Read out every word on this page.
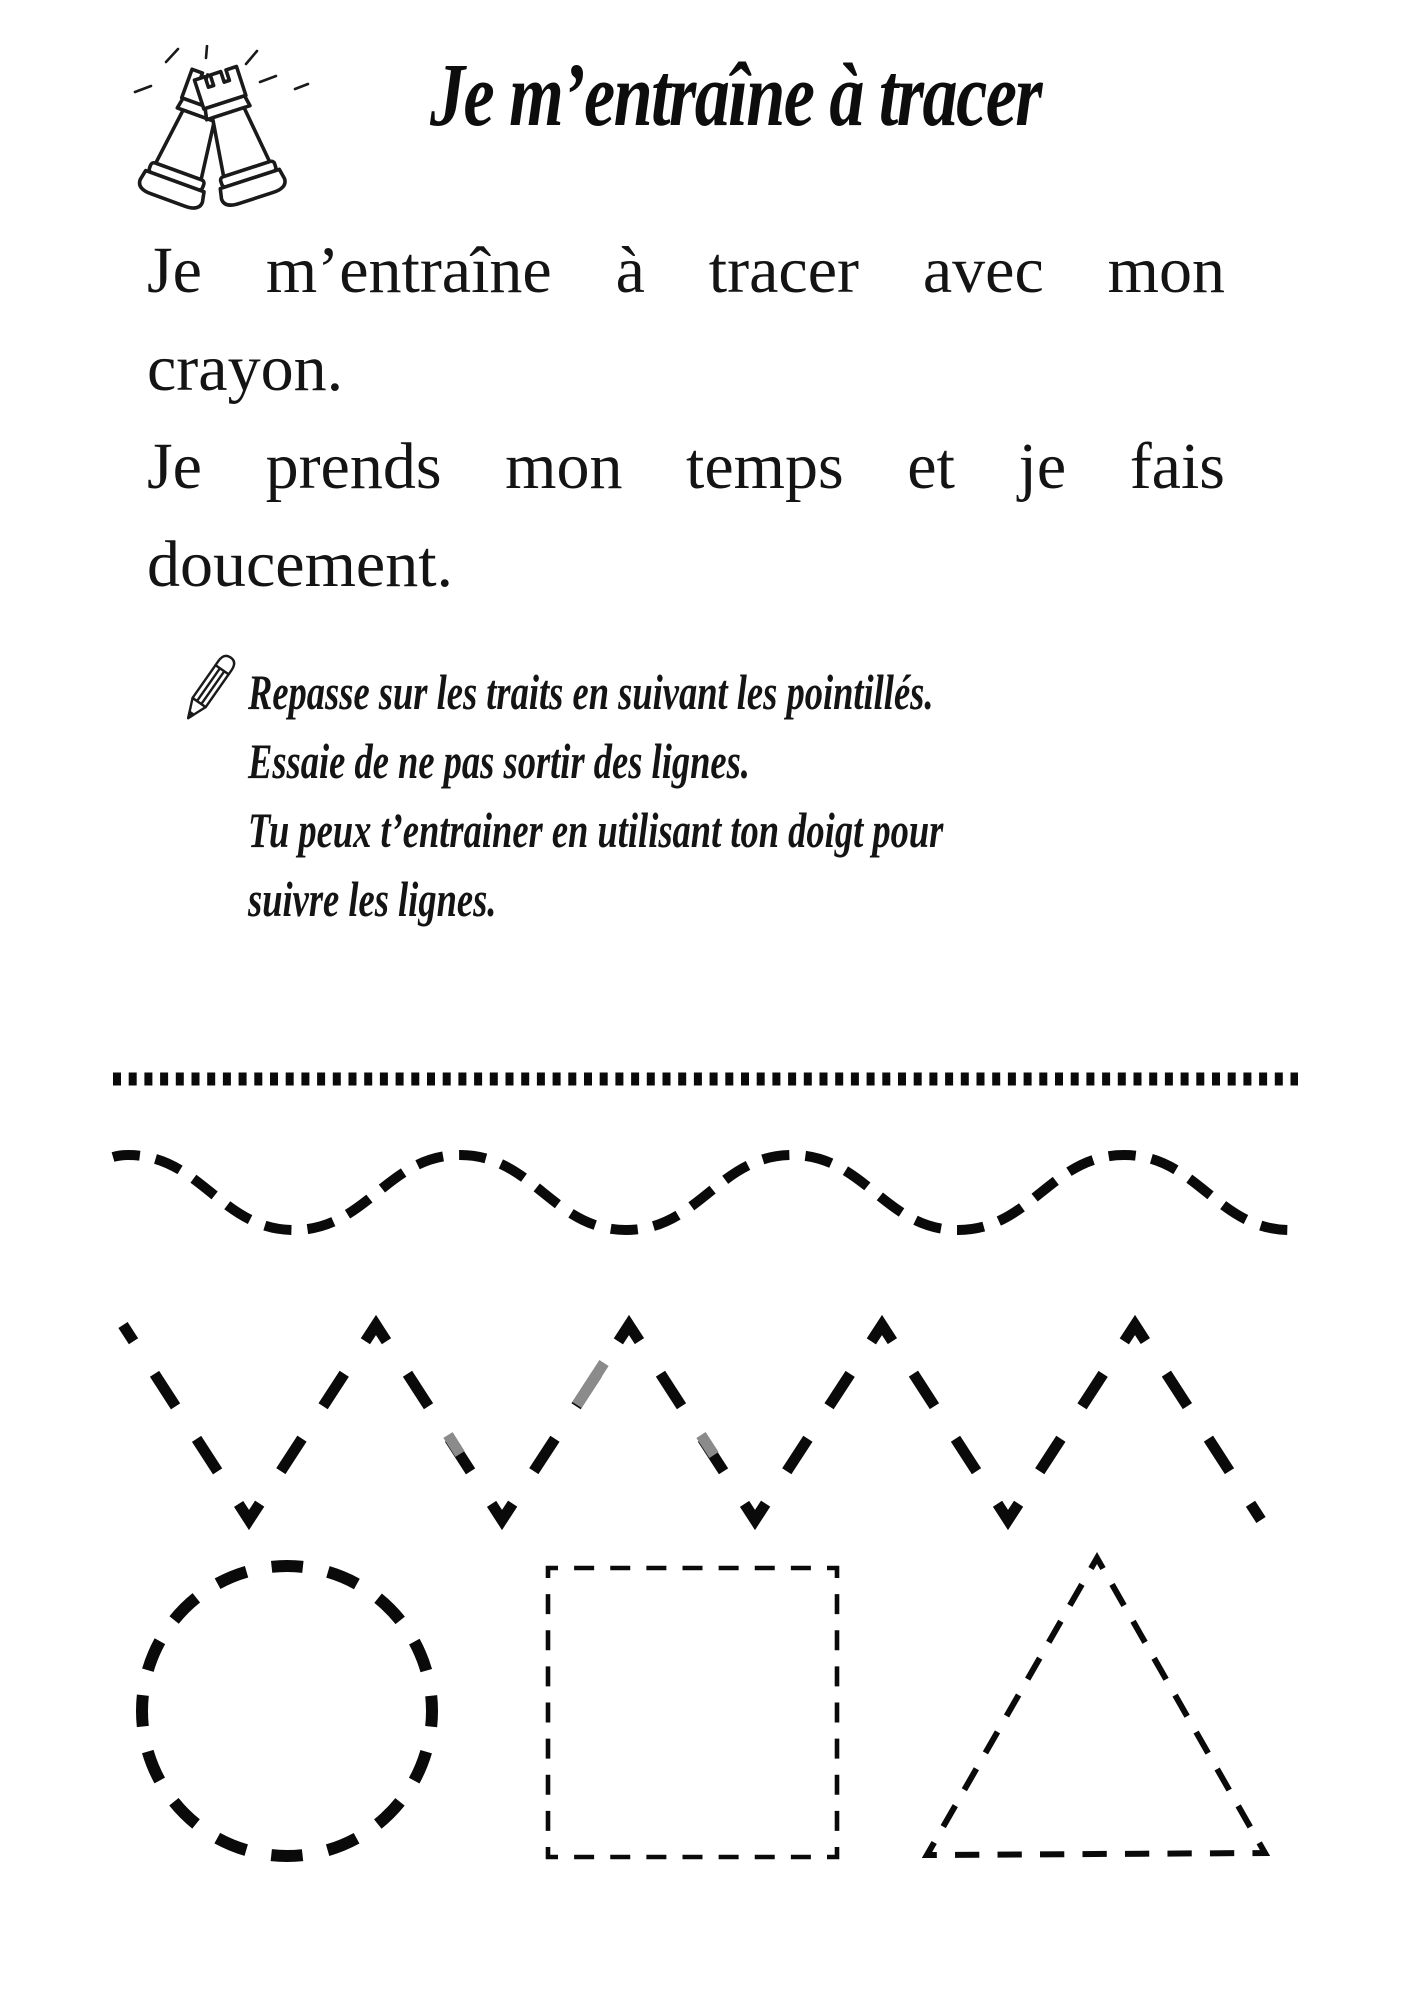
Je m’entraîne à tracer
Je m’entraîne à tracer avec mon
crayon.
Je prends mon temps et je fais
doucement.
Repasse sur les traits en suivant les pointillés.
Essaie de ne pas sortir des lignes.
Tu peux t’entrainer en utilisant ton doigt pour
suivre les lignes.
